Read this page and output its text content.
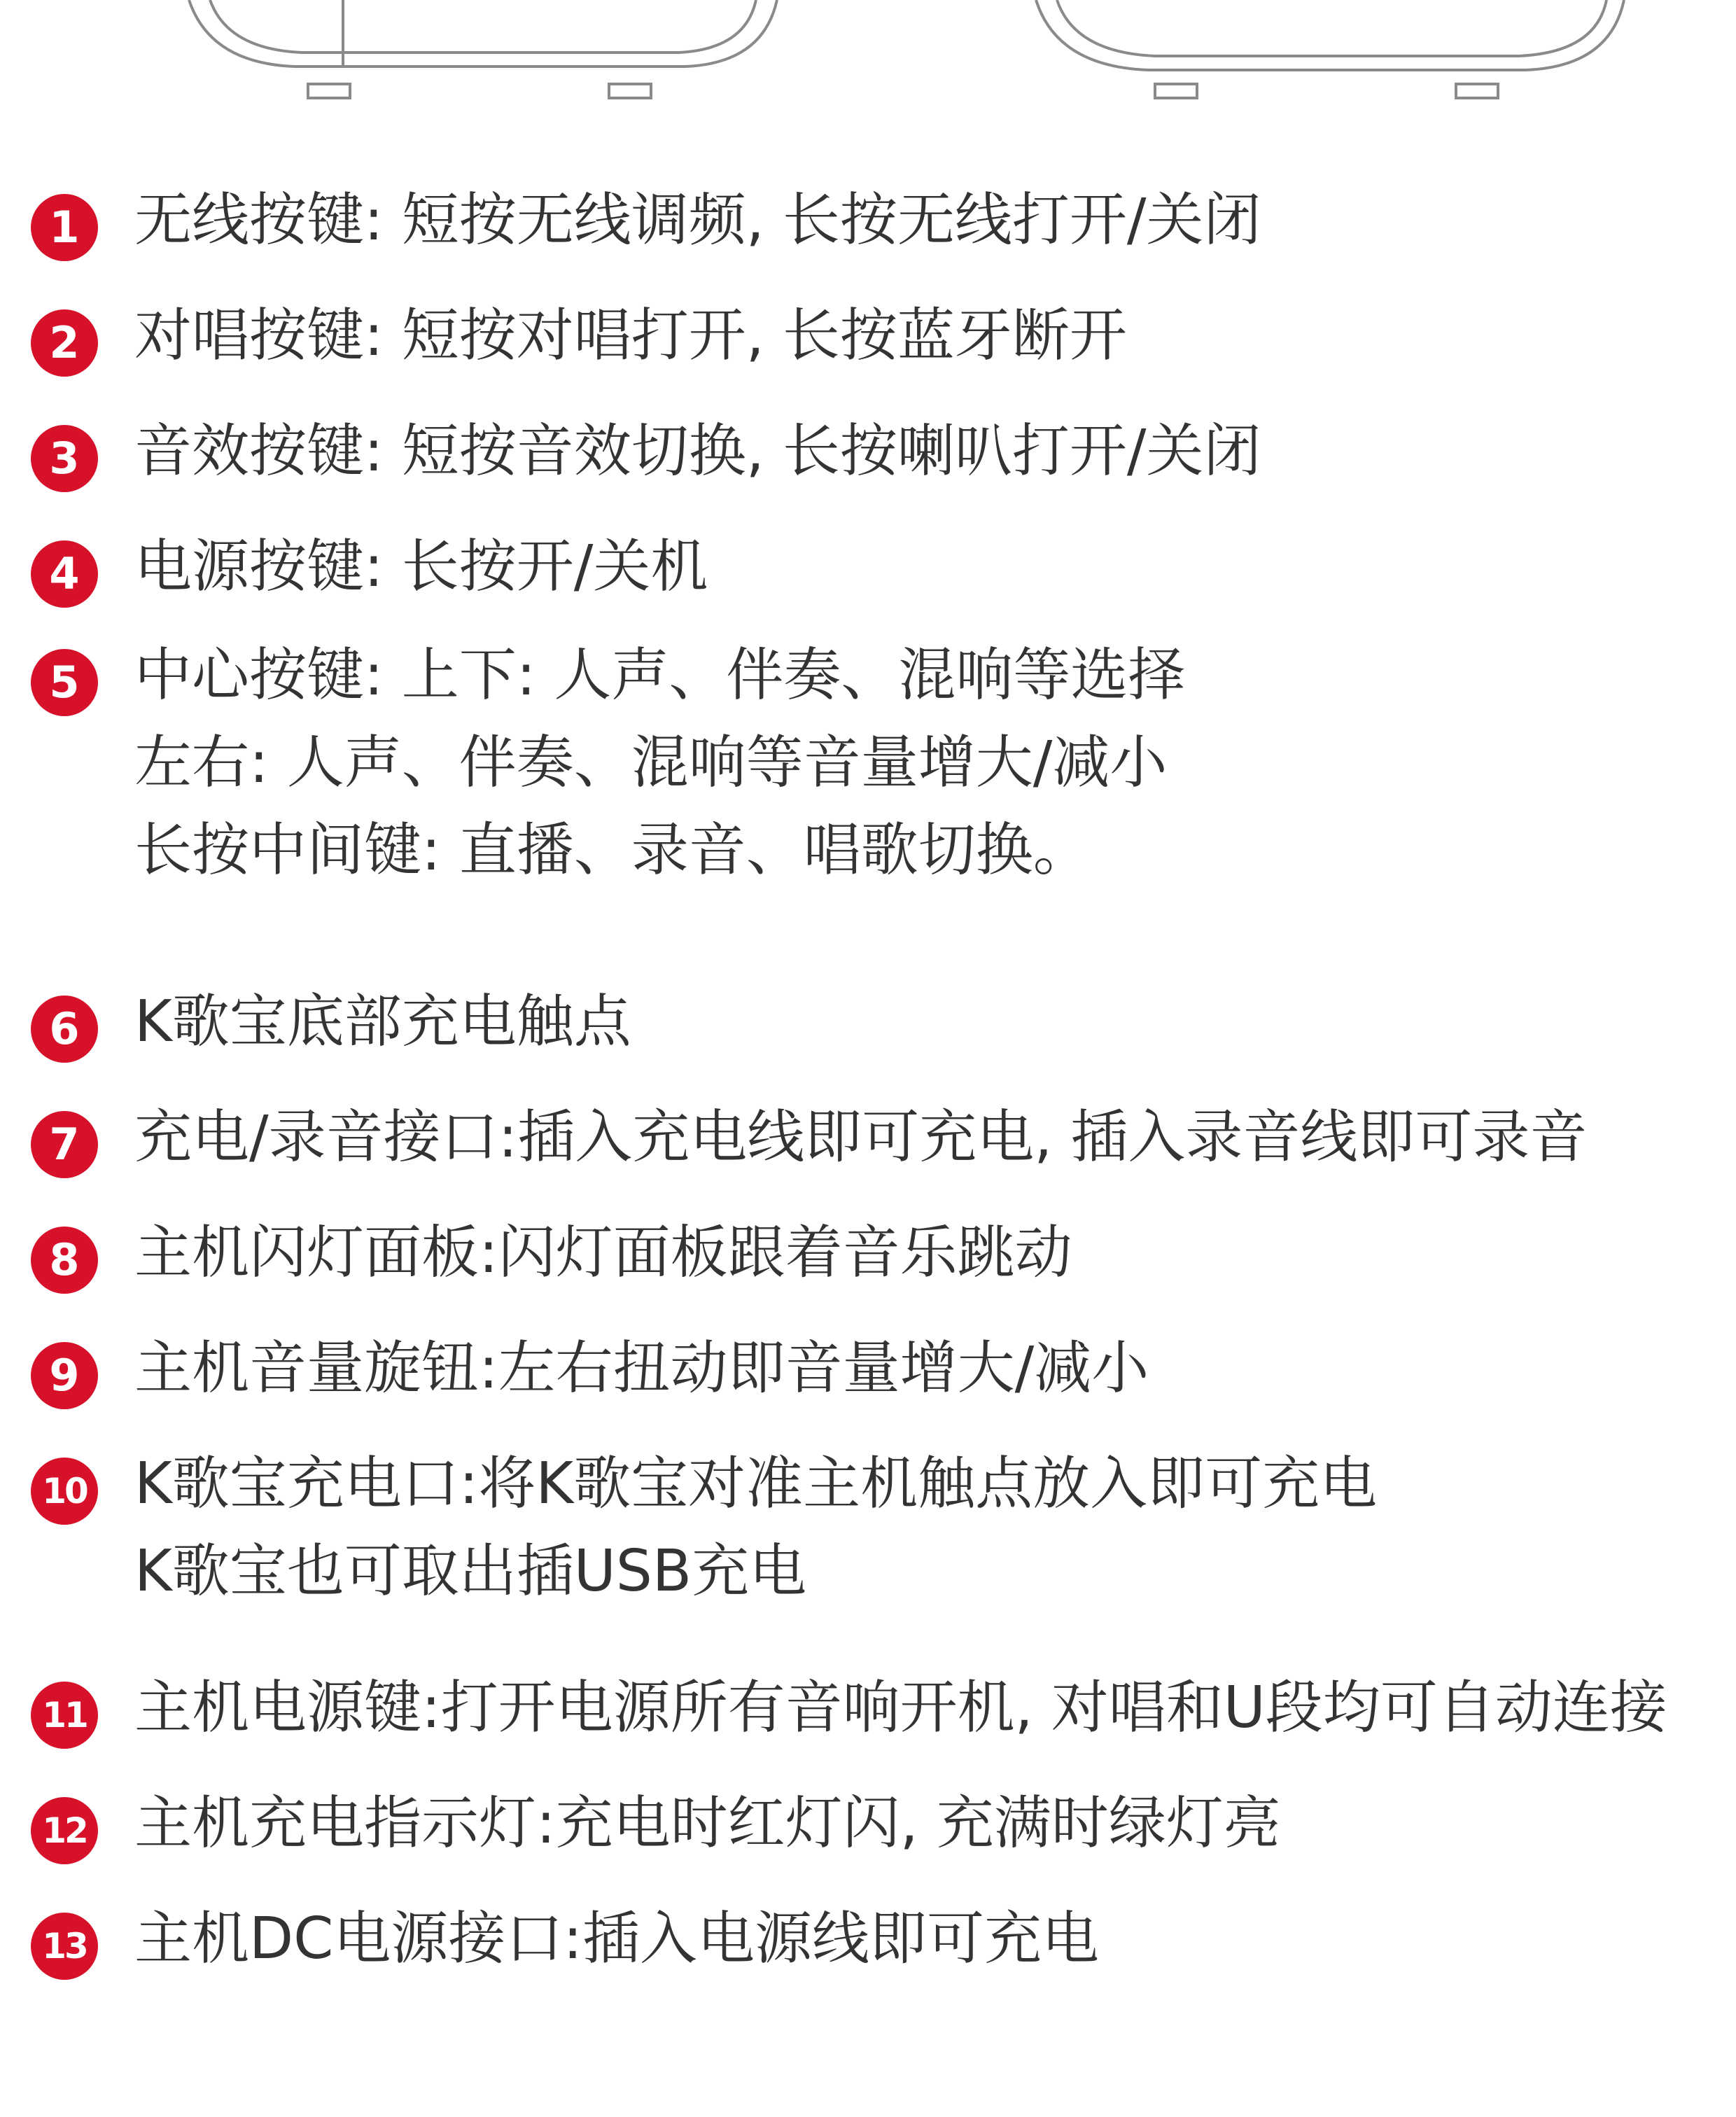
1 无线按键: 短按无线调频, 长按无线打开/关闭
2 对唱按键: 短按对唱打开, 长按蓝牙断开
3 音效按键: 短按音效切换, 长按喇叭打开/关闭
4 电源按键: 长按开/关机
5 中心按键: 上下: 人声、伴奏、混响等选择
左右: 人声、伴奏、混响等音量增大/减小
长按中间键: 直播、录音、唱歌切换。
6 K歌宝底部充电触点
7 充电/录音接口:插入充电线即可充电, 插入录音线即可录音
8 主机闪灯面板:闪灯面板跟着音乐跳动
9 主机音量旋钮:左右扭动即音量增大/减小
10 K歌宝充电口:将K歌宝对准主机触点放入即可充电
K歌宝也可取出插USB充电
11 主机电源键:打开电源所有音响开机, 对唱和U段均可自动连接
12 主机充电指示灯:充电时红灯闪, 充满时绿灯亮
13 主机DC电源接口:插入电源线即可充电
